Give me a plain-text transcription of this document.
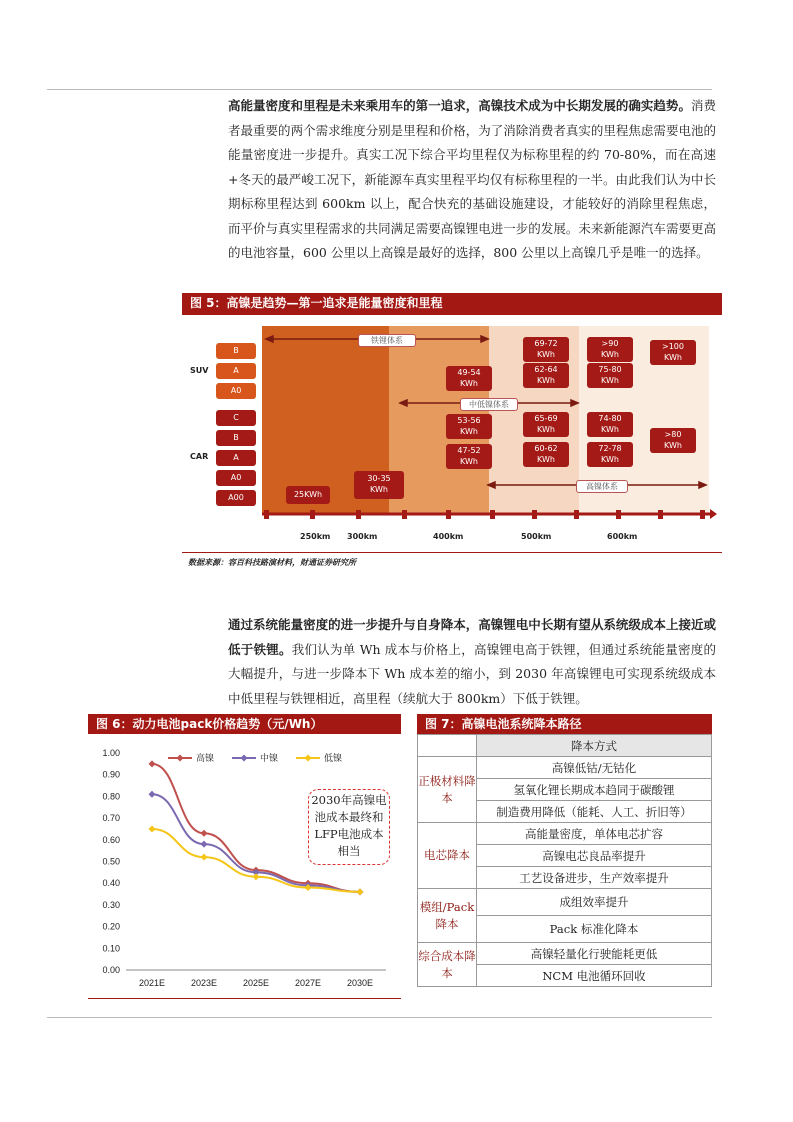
高能量密度和里程是未来乘用车的第一追求，高镍技术成为中长期发展的确实趋势。消费者最重要的两个需求维度分别是里程和价格，为了消除消费者真实的里程焦虑需要电池的能量密度进一步提升。真实工况下综合平均里程仅为标称里程的约 70-80%，而在高速+冬天的最严峻工况下，新能源车真实里程平均仅有标称里程的一半。由此我们认为中长期标称里程达到 600km 以上，配合快充的基础设施建设，才能较好的消除里程焦虑，而平价与真实里程需求的共同满足需要高镍锂电进一步的发展。未来新能源汽车需要更高的电池容量，600 公里以上高镍是最好的选择，800 公里以上高镍几乎是唯一的选择。
图 5：高镍是趋势—第一追求是能量密度和里程
铁锂体系
中低镍体系
高镍体系
SUV
CAR
B
A
A0
C
B
A
A0
A00	25KWh
30-35
KWh
49-54
KWh
53-56
KWh
47-52
KWh
69-72
KWh
62-64
KWh
65-69
KWh
60-62
KWh
>90
KWh
75-80
KWh
74-80
KWh
72-78
KWh
>100
KWh
>80
KWh
250km 300km	400km	500km	600km
数据来源：容百科技路演材料，财通证券研究所
通过系统能量密度的进一步提升与自身降本，高镍锂电中长期有望从系统级成本上接近或低于铁锂。我们认为单 Wh 成本与价格上，高镍锂电高于铁锂，但通过系统能量密度的大幅提升，与进一步降本下 Wh 成本差的缩小，到 2030 年高镍锂电可实现系统级成本中低里程与铁锂相近，高里程（续航大于 800km）下低于铁锂。
图 6：动力电池pack价格趋势（元/Wh）
0.00
0.10
0.20
0.30
0.40
0.50
0.60
0.70
0.80
0.90
1.00
2021E	2023E	2025E	2027E	2030E
高镍	中镍	低镍
2030年高镍电池成本最终和LFP电池成本相当
图 7：高镍电池系统降本路径
	降本方式
正极材料降本	高镍低钴/无钴化
	氢氧化锂长期成本趋同于碳酸锂
	制造费用降低（能耗、人工、折旧等）
电芯降本	高能量密度，单体电芯扩容
	高镍电芯良品率提升
	工艺设备进步，生产效率提升
模组/Pack降本	成组效率提升
	Pack 标准化降本
综合成本降本	高镍轻量化行驶能耗更低
	NCM 电池循环回收
